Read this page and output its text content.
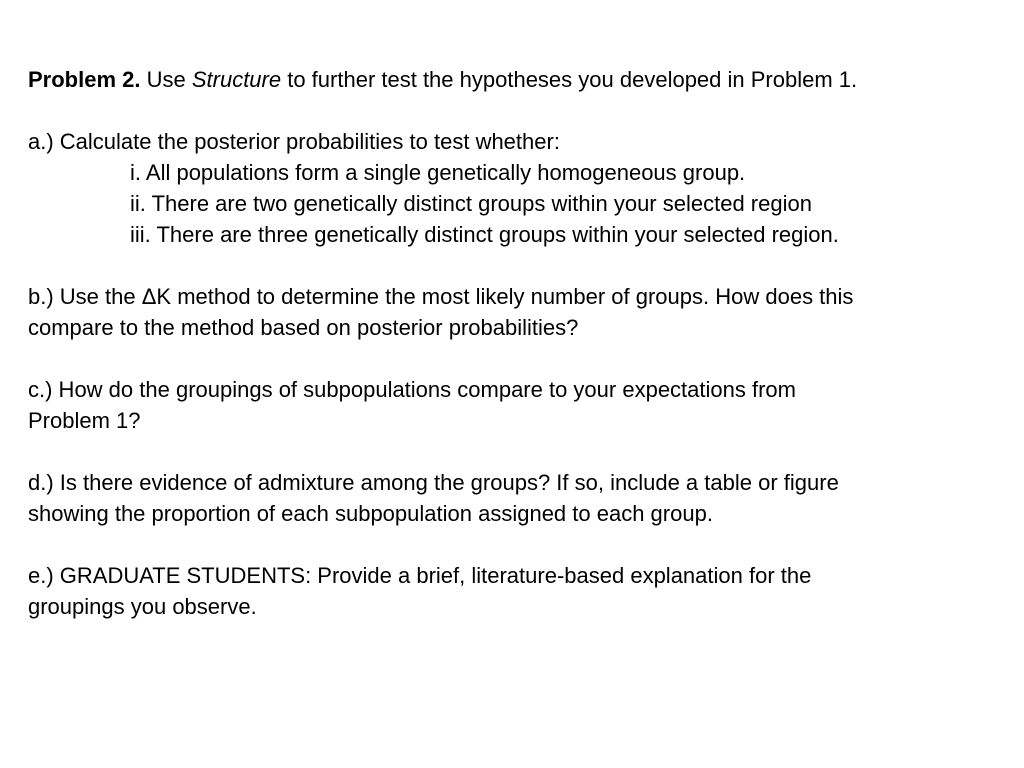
Problem 2. Use Structure to further test the hypotheses you developed in Problem 1.
a.) Calculate the posterior probabilities to test whether:
i. All populations form a single genetically homogeneous group.
ii. There are two genetically distinct groups within your selected region
iii. There are three genetically distinct groups within your selected region.
b.) Use the ΔK method to determine the most likely number of groups. How does this
compare to the method based on posterior probabilities?
c.) How do the groupings of subpopulations compare to your expectations from
Problem 1?
d.) Is there evidence of admixture among the groups? If so, include a table or figure
showing the proportion of each subpopulation assigned to each group.
e.) GRADUATE STUDENTS: Provide a brief, literature-based explanation for the
groupings you observe.
